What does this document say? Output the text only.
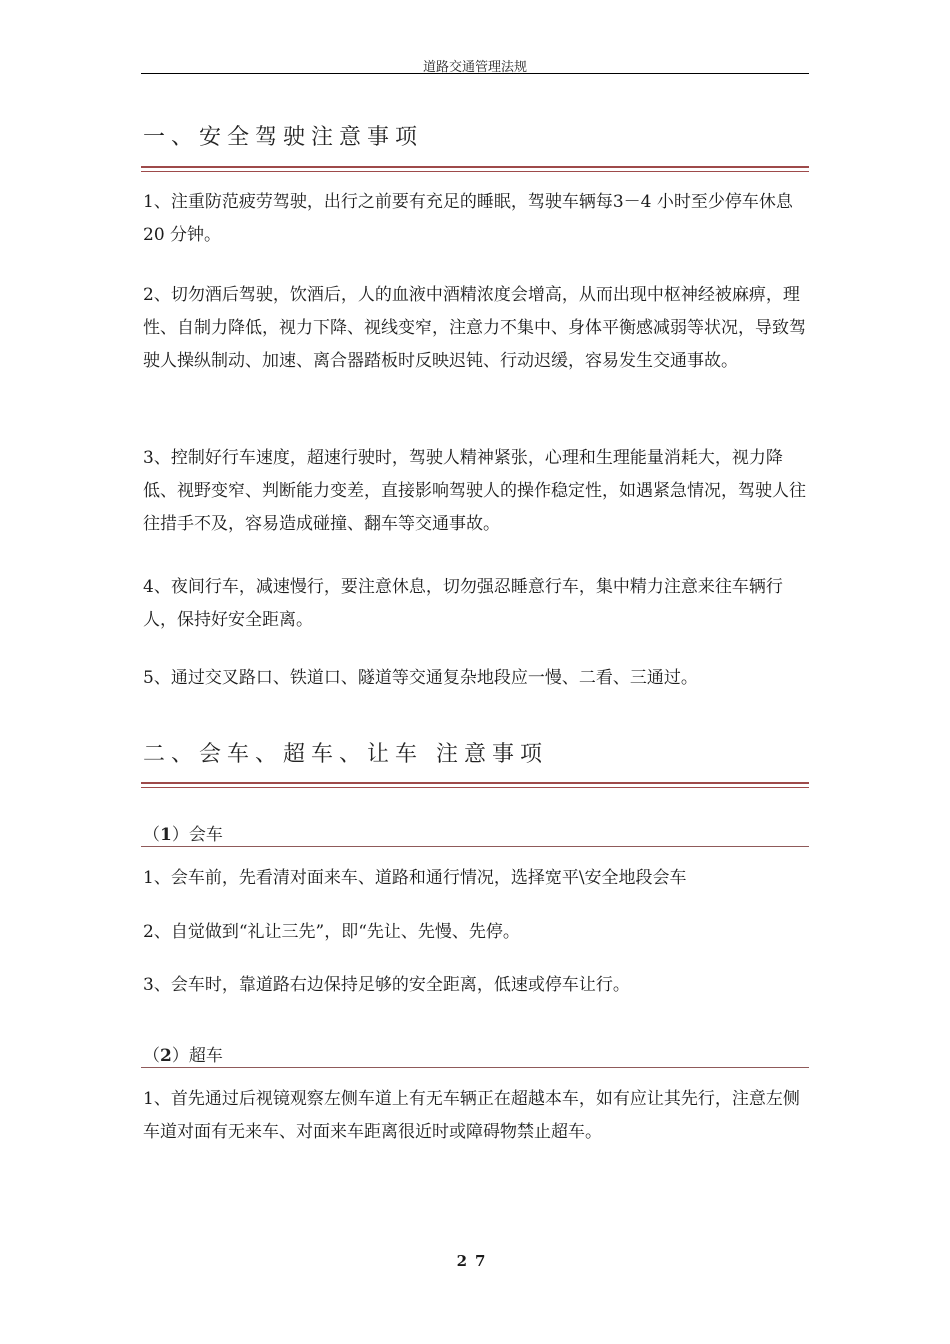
道路交通管理法规
一、安全驾驶注意事项

1、注重防范疲劳驾驶，出行之前要有充足的睡眠，驾驶车辆每3－4 小时至少停车休息 20 分钟。

2、切勿酒后驾驶，饮酒后，人的血液中酒精浓度会增高，从而出现中枢神经被麻痹，理性、自制力降低，视力下降、视线变窄，注意力不集中、身体平衡感减弱等状况，导致驾驶人操纵制动、加速、离合器踏板时反映迟钝、行动迟缓，容易发生交通事故。

3、控制好行车速度，超速行驶时，驾驶人精神紧张，心理和生理能量消耗大，视力降低、视野变窄、判断能力变差，直接影响驾驶人的操作稳定性，如遇紧急情况，驾驶人往往措手不及，容易造成碰撞、翻车等交通事故。

4、夜间行车，减速慢行，要注意休息，切勿强忍睡意行车，集中精力注意来往车辆行人，保持好安全距离。

5、通过交叉路口、铁道口、隧道等交通复杂地段应一慢、二看、三通过。

二、会车、超车、让车 注意事项
（1）会车

1、会车前，先看清对面来车、道路和通行情况，选择宽平\安全地段会车

2、自觉做到“礼让三先”，即“先让、先慢、先停。

3、会车时，靠道路右边保持足够的安全距离，低速或停车让行。

（2）超车

1、首先通过后视镜观察左侧车道上有无车辆正在超越本车，如有应让其先行，注意左侧车道对面有无来车、对面来车距离很近时或障碍物禁止超车。

27
